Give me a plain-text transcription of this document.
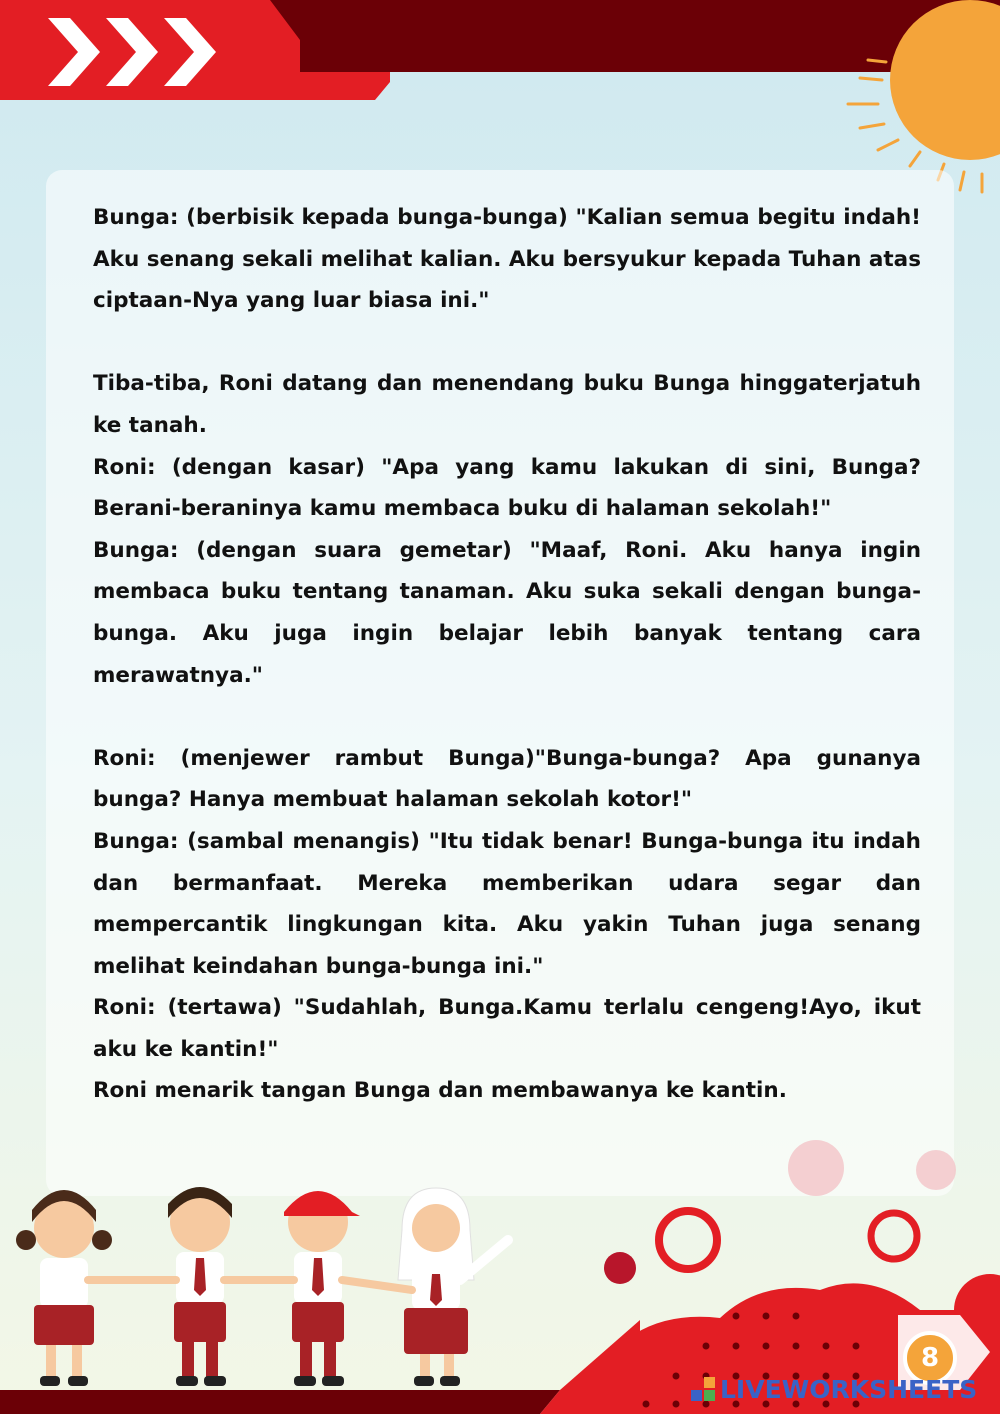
Bunga: (berbisik kepada bunga-bunga) "Kalian semua begitu indah! Aku senang sekali melihat kalian. Aku bersyukur kepada Tuhan atas ciptaan-Nya yang luar biasa ini."

Tiba-tiba, Roni datang dan menendang buku Bunga hinggaterjatuh ke tanah.

Roni: (dengan kasar) "Apa yang kamu lakukan di sini, Bunga? Berani-beraninya kamu membaca buku di halaman sekolah!"

Bunga: (dengan suara gemetar) "Maaf, Roni. Aku hanya ingin membaca buku tentang tanaman. Aku suka sekali dengan bunga-bunga. Aku juga ingin belajar lebih banyak tentang cara merawatnya."

Roni: (menjewer rambut Bunga)"Bunga-bunga? Apa gunanya bunga? Hanya membuat halaman sekolah kotor!"

Bunga: (sambal menangis) "Itu tidak benar! Bunga-bunga itu indah dan bermanfaat. Mereka memberikan udara segar dan mempercantik lingkungan kita. Aku yakin Tuhan juga senang melihat keindahan bunga-bunga ini."

Roni: (tertawa) "Sudahlah, Bunga.Kamu terlalu cengeng!Ayo, ikut aku ke kantin!"

Roni menarik tangan Bunga dan membawanya ke kantin.

8
LIVEWORKSHEETS
